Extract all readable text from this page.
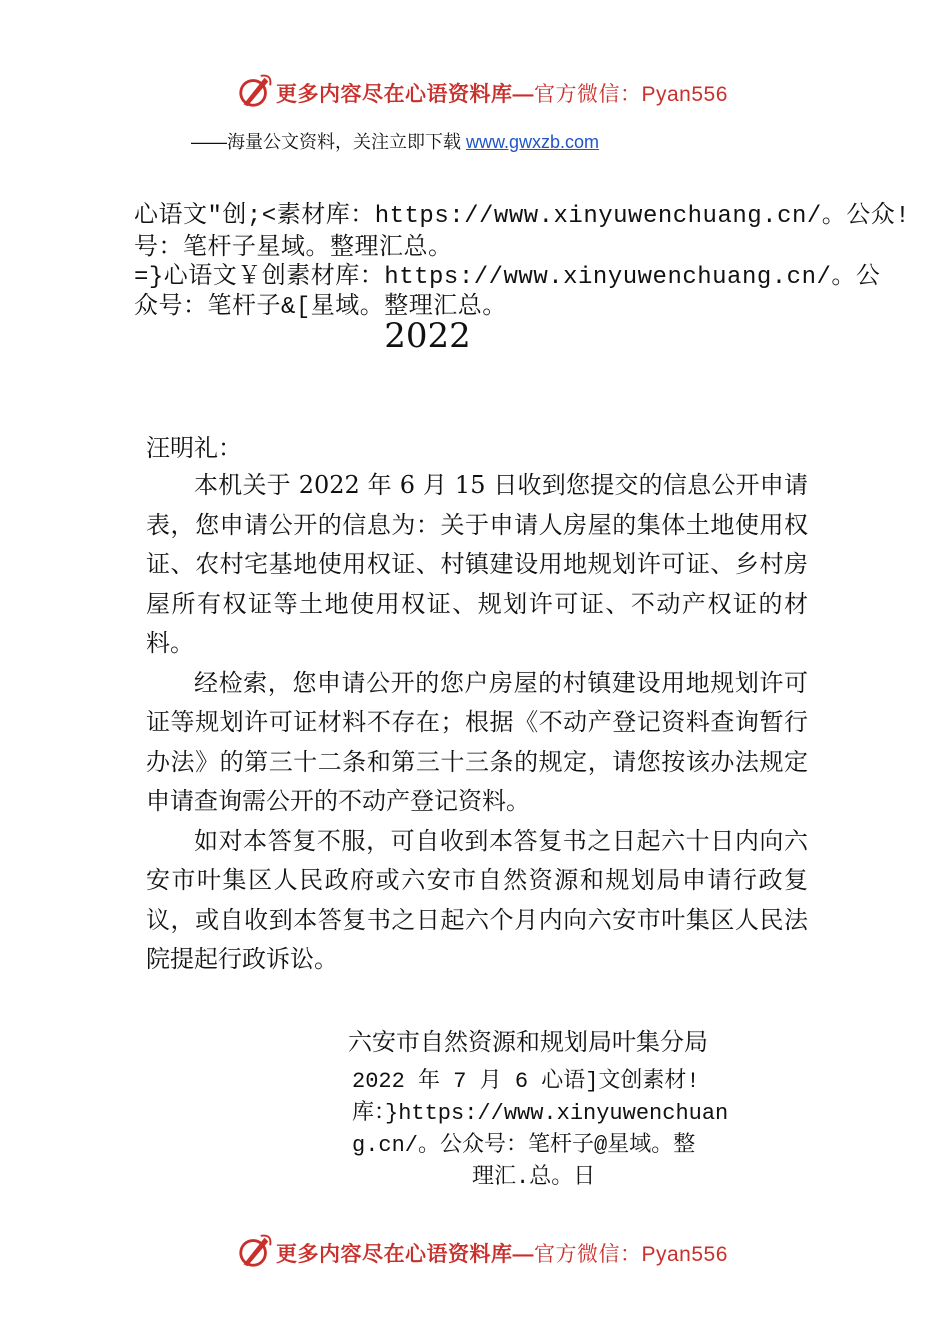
更多内容尽在心语资料库—官方微信：Pyan556
——海量公文资料，关注立即下载 www.gwxzb.com
心语文"创;<素材库：https://www.xinyuwenchuang.cn/。公众!
号：笔杆子星域。整理汇总。
=}心语文￥创素材库：https://www.xinyuwenchuang.cn/。公
众号：笔杆子&[星域。整理汇总。
2022
汪明礼：

本机关于 2022 年 6 月 15 日收到您提交的信息公开申请表，您申请公开的信息为：关于申请人房屋的集体土地使用权证、农村宅基地使用权证、村镇建设用地规划许可证、乡村房屋所有权证等土地使用权证、规划许可证、不动产权证的材料。

经检索，您申请公开的您户房屋的村镇建设用地规划许可证等规划许可证材料不存在；根据《不动产登记资料查询暂行办法》的第三十二条和第三十三条的规定，请您按该办法规定申请查询需公开的不动产登记资料。

如对本答复不服，可自收到本答复书之日起六十日内向六安市叶集区人民政府或六安市自然资源和规划局申请行政复议，或自收到本答复书之日起六个月内向六安市叶集区人民法院提起行政诉讼。

六安市自然资源和规划局叶集分局
2022 年 7 月 6 心语]文创素材!
库：}https://www.xinyuwenchuan
g.cn/。公众号：笔杆子@星域。整
理汇.总。日
更多内容尽在心语资料库—官方微信：Pyan556
